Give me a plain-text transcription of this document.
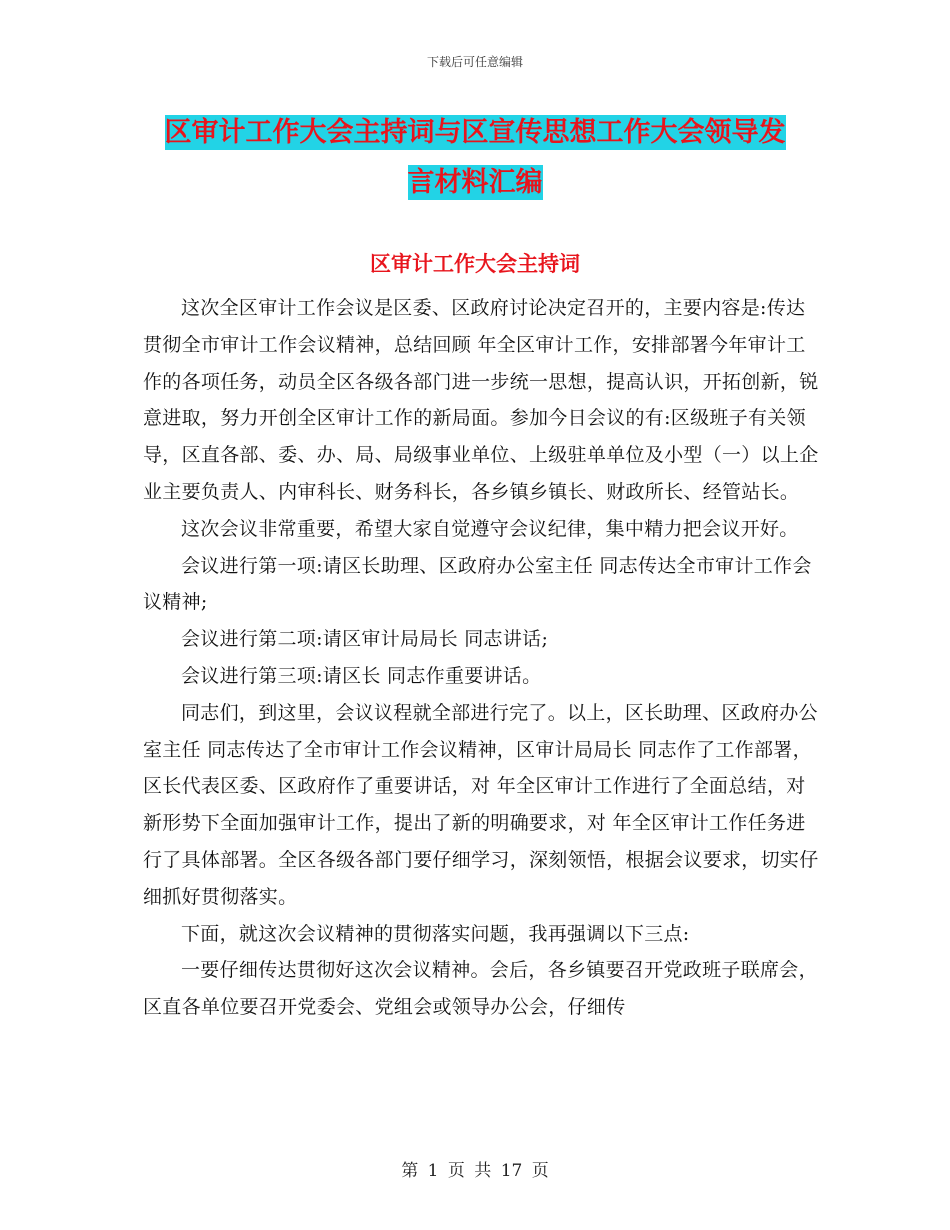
下载后可任意编辑
区审计工作大会主持词与区宣传思想工作大会领导发
言材料汇编
区审计工作大会主持词

这次全区审计工作会议是区委、区政府讨论决定召开的，主要内容是:传达贯彻全市审计工作会议精神，总结回顾 年全区审计工作，安排部署今年审计工作的各项任务，动员全区各级各部门进一步统一思想，提高认识，开拓创新，锐意进取，努力开创全区审计工作的新局面。参加今日会议的有:区级班子有关领导，区直各部、委、办、局、局级事业单位、上级驻单单位及小型（一）以上企业主要负责人、内审科长、财务科长，各乡镇乡镇长、财政所长、经管站长。

这次会议非常重要，希望大家自觉遵守会议纪律，集中精力把会议开好。

会议进行第一项:请区长助理、区政府办公室主任 同志传达全市审计工作会议精神;

会议进行第二项:请区审计局局长 同志讲话;

会议进行第三项:请区长 同志作重要讲话。

同志们，到这里，会议议程就全部进行完了。以上，区长助理、区政府办公室主任 同志传达了全市审计工作会议精神，区审计局局长 同志作了工作部署， 区长代表区委、区政府作了重要讲话，对 年全区审计工作进行了全面总结，对新形势下全面加强审计工作，提出了新的明确要求，对 年全区审计工作任务进行了具体部署。全区各级各部门要仔细学习，深刻领悟，根据会议要求，切实仔细抓好贯彻落实。

下面，就这次会议精神的贯彻落实问题，我再强调以下三点:

一要仔细传达贯彻好这次会议精神。会后，各乡镇要召开党政班子联席会，区直各单位要召开党委会、党组会或领导办公会，仔细传

第 1 页 共 17 页
